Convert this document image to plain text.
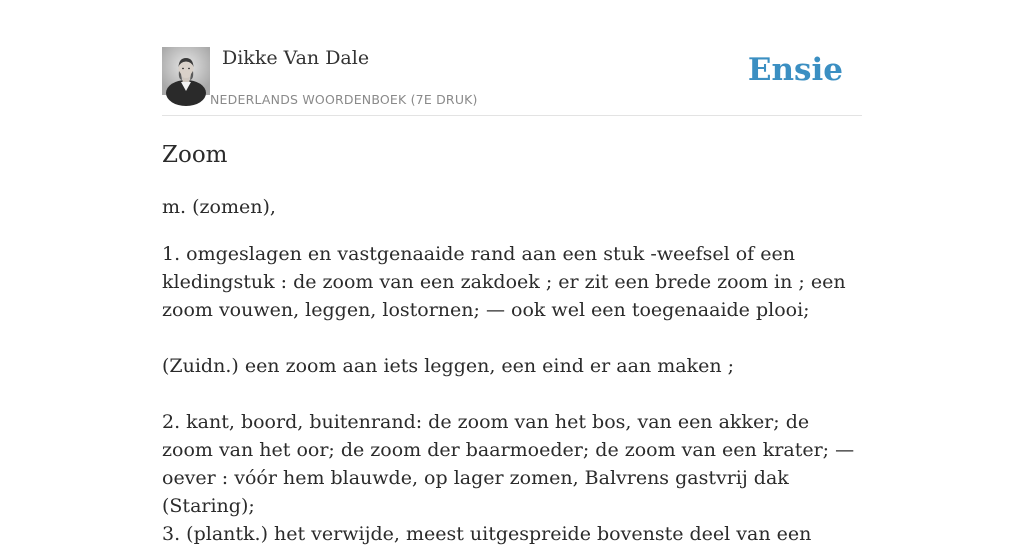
Dikke Van Dale
NEDERLANDS WOORDENBOEK (7E DRUK)
Ensie
Zoom

m. (zomen),

1. omgeslagen en vastgenaaide rand aan een stuk -weefsel of een kledingstuk : de zoom van een zakdoek ; er zit een brede zoom in ; een zoom vouwen, leggen, lostornen; — ook wel een toegenaaide plooi;

(Zuidn.) een zoom aan iets leggen, een eind er aan maken ;

2. kant, boord, buitenrand: de zoom van het bos, van een akker; de zoom van het oor; de zoom der baarmoeder; de zoom van een krater; — oever : vóór hem blauwde, op lager zomen, Balvrens gastvrij dak (Staring);

3. (plantk.) het verwijde, meest uitgespreide bovenste deel van een
